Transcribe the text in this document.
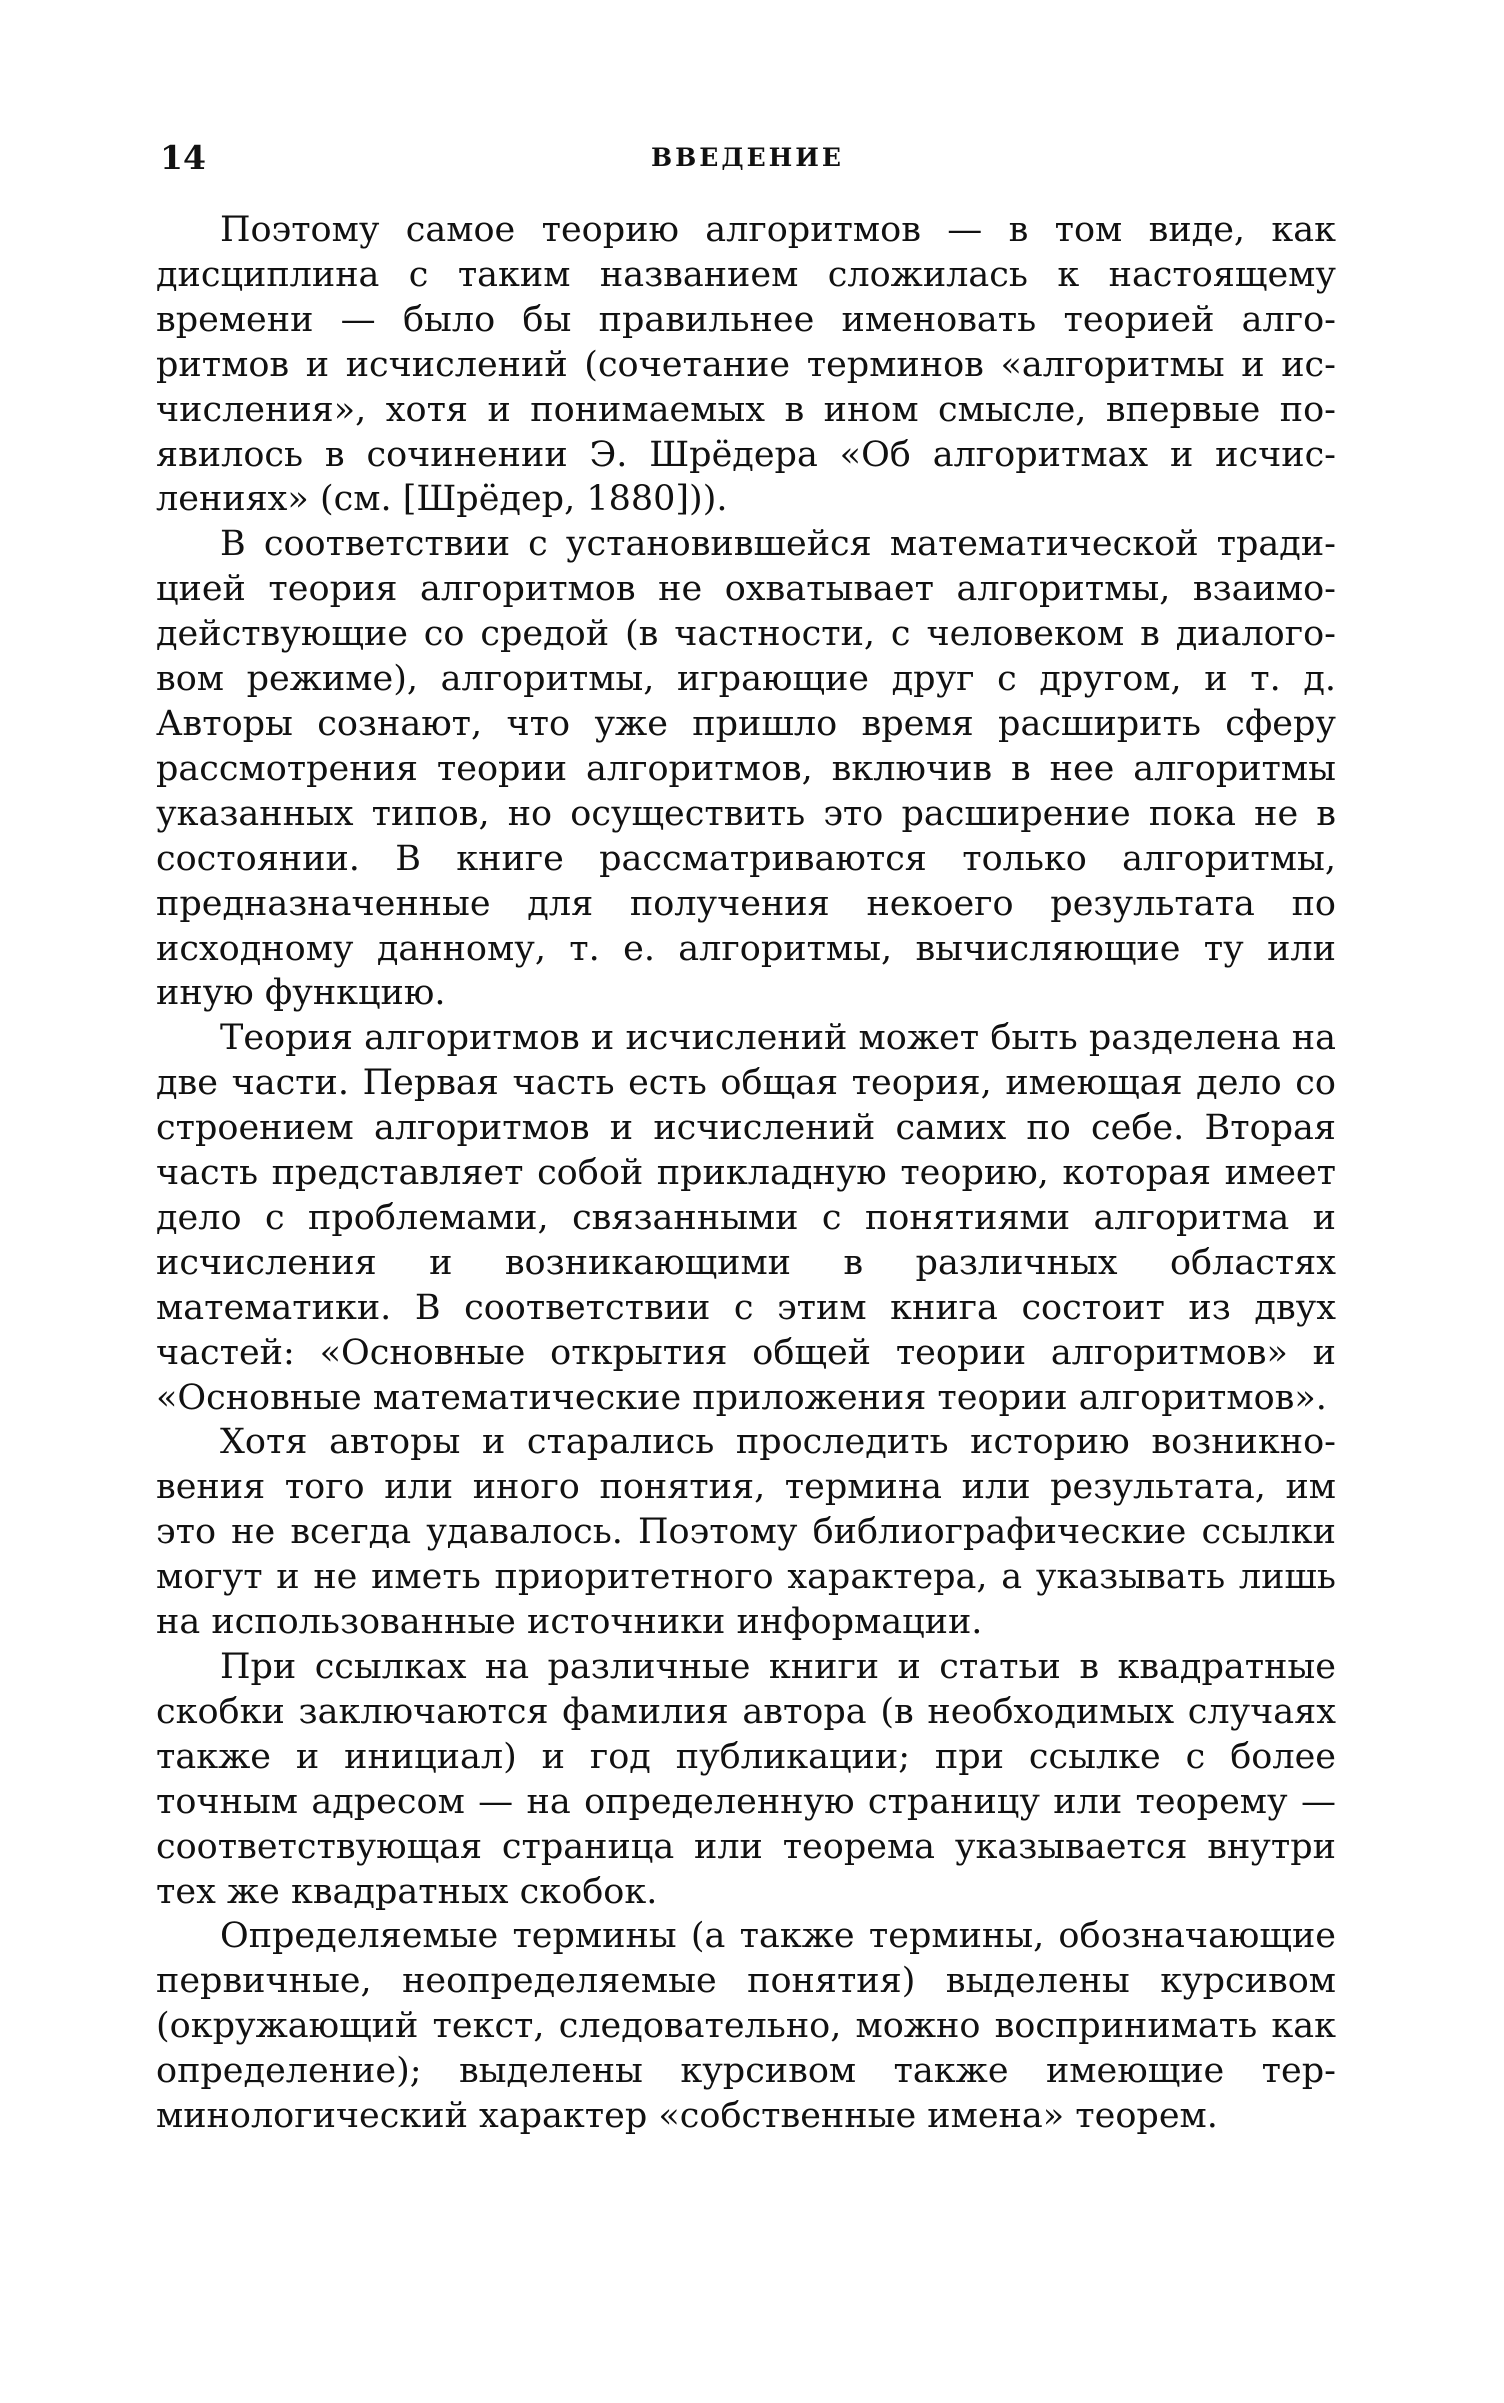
14	ВВЕДЕНИЕ

Поэтому самое теорию алгоритмов — в том виде, как дисциплина с таким названием сложилась к настоящему времени — было бы правильнее именовать теорией алгоритмов и исчислений (сочетание терминов «алгоритмы и исчисления», хотя и понимаемых в ином смысле, впервые появилось в сочинении Э. Шрёдера «Об алгоритмах и исчислениях» (см. [Шрёдер, 1880])).

В соответствии с установившейся математической традицией теория алгоритмов не охватывает алгоритмы, взаимодействующие со средой (в частности, с человеком в диалоговом режиме), алгоритмы, играющие друг с другом, и т. д. Авторы сознают, что уже пришло время расширить сферу рассмотрения теории алгоритмов, включив в нее алгоритмы указанных типов, но осуществить это расширение пока не в состоянии. В книге рассматриваются только алгоритмы, предназначенные для получения некоего результата по исходному данному, т. е. алгоритмы, вычисляющие ту или иную функцию.

Теория алгоритмов и исчислений может быть разделена на две части. Первая часть есть общая теория, имеющая дело со строением алгоритмов и исчислений самих по себе. Вторая часть представляет собой прикладную теорию, которая имеет дело с проблемами, связанными с понятиями алгоритма и исчисления и возникающими в различных областях математики. В соответствии с этим книга состоит из двух частей: «Основные открытия общей теории алгоритмов» и «Основные математические приложения теории алгоритмов».

Хотя авторы и старались проследить историю возникновения того или иного понятия, термина или результата, им это не всегда удавалось. Поэтому библиографические ссылки могут и не иметь приоритетного характера, а указывать лишь на использованные источники информации.

При ссылках на различные книги и статьи в квадратные скобки заключаются фамилия автора (в необходимых случаях также и инициал) и год публикации; при ссылке с более точным адресом — на определенную страницу или теорему — соответствующая страница или теорема указывается внутри тех же квадратных скобок.

Определяемые термины (а также термины, обозначающие первичные, неопределяемые понятия) выделены курсивом (окружающий текст, следовательно, можно воспринимать как определение); выделены курсивом также имеющие терминологический характер «собственные имена» теорем.
